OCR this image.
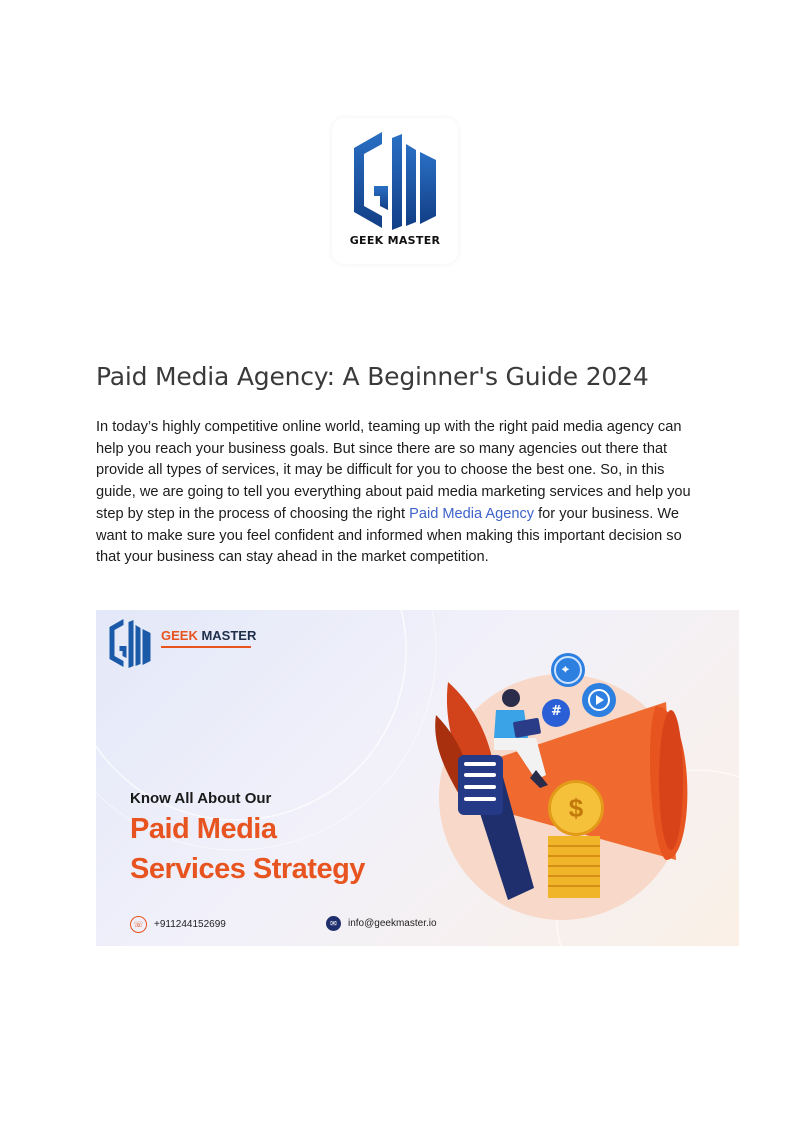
GEEK MASTER
Paid Media Agency: A Beginner's Guide 2024

In today’s highly competitive online world, teaming up with the right paid media agency can help you reach your business goals. But since there are so many agencies out there that provide all types of services, it may be difficult for you to choose the best one. So, in this guide, we are going to tell you everything about paid media marketing services and help you step by step in the process of choosing the right Paid Media Agency for your business. We want to make sure you feel confident and informed when making this important decision so that your business can stay ahead in the market competition.

GEEK MASTER
Know All About Our
Paid Media
Services Strategy
⌖
#
$
☏	+911244152699	✉	info@geekmaster.io
